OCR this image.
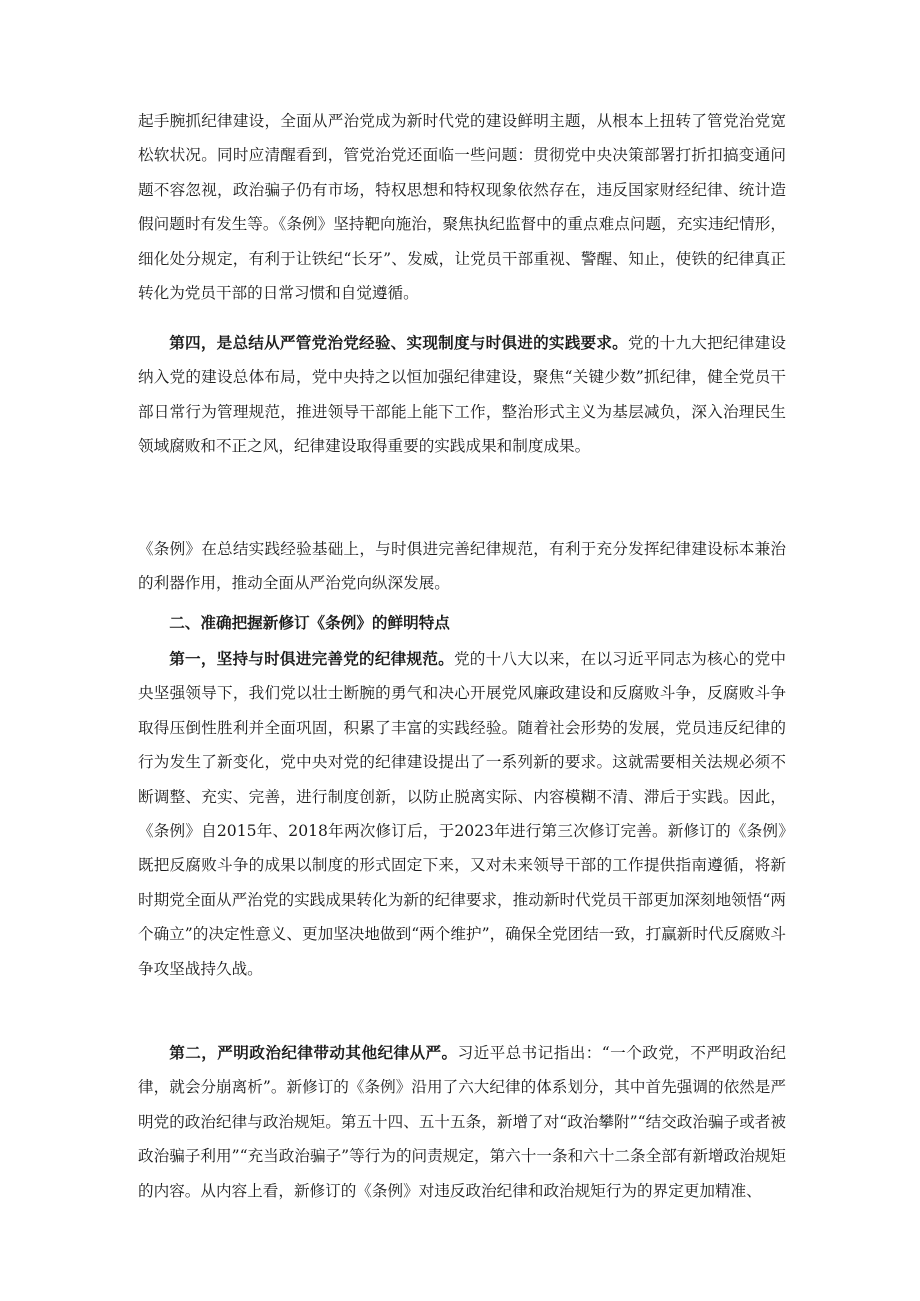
起手腕抓纪律建设，全面从严治党成为新时代党的建设鲜明主题，从根本上扭转了管党治党宽松软状况。同时应清醒看到，管党治党还面临一些问题：贯彻党中央决策部署打折扣搞变通问题不容忽视，政治骗子仍有市场，特权思想和特权现象依然存在，违反国家财经纪律、统计造假问题时有发生等。《条例》坚持靶向施治，聚焦执纪监督中的重点难点问题，充实违纪情形，细化处分规定，有利于让铁纪“长牙”、发威，让党员干部重视、警醒、知止，使铁的纪律真正转化为党员干部的日常习惯和自觉遵循。

第四，是总结从严管党治党经验、实现制度与时俱进的实践要求。党的十九大把纪律建设纳入党的建设总体布局，党中央持之以恒加强纪律建设，聚焦“关键少数”抓纪律，健全党员干部日常行为管理规范，推进领导干部能上能下工作，整治形式主义为基层减负，深入治理民生领域腐败和不正之风，纪律建设取得重要的实践成果和制度成果。

《条例》在总结实践经验基础上，与时俱进完善纪律规范，有利于充分发挥纪律建设标本兼治的利器作用，推动全面从严治党向纵深发展。

二、准确把握新修订《条例》的鲜明特点

第一，坚持与时俱进完善党的纪律规范。党的十八大以来，在以习近平同志为核心的党中央坚强领导下，我们党以壮士断腕的勇气和决心开展党风廉政建设和反腐败斗争，反腐败斗争取得压倒性胜利并全面巩固，积累了丰富的实践经验。随着社会形势的发展，党员违反纪律的行为发生了新变化，党中央对党的纪律建设提出了一系列新的要求。这就需要相关法规必须不断调整、充实、完善，进行制度创新，以防止脱离实际、内容模糊不清、滞后于实践。因此，《条例》自2015年、2018年两次修订后，于2023年进行第三次修订完善。新修订的《条例》既把反腐败斗争的成果以制度的形式固定下来，又对未来领导干部的工作提供指南遵循，将新时期党全面从严治党的实践成果转化为新的纪律要求，推动新时代党员干部更加深刻地领悟“两个确立”的决定性意义、更加坚决地做到“两个维护”，确保全党团结一致，打赢新时代反腐败斗争攻坚战持久战。

第二，严明政治纪律带动其他纪律从严。习近平总书记指出：“一个政党，不严明政治纪律，就会分崩离析”。新修订的《条例》沿用了六大纪律的体系划分，其中首先强调的依然是严明党的政治纪律与政治规矩。第五十四、五十五条，新增了对“政治攀附”“结交政治骗子或者被政治骗子利用”“充当政治骗子”等行为的问责规定，第六十一条和六十二条全部有新增政治规矩的内容。从内容上看，新修订的《条例》对违反政治纪律和政治规矩行为的界定更加精准、
